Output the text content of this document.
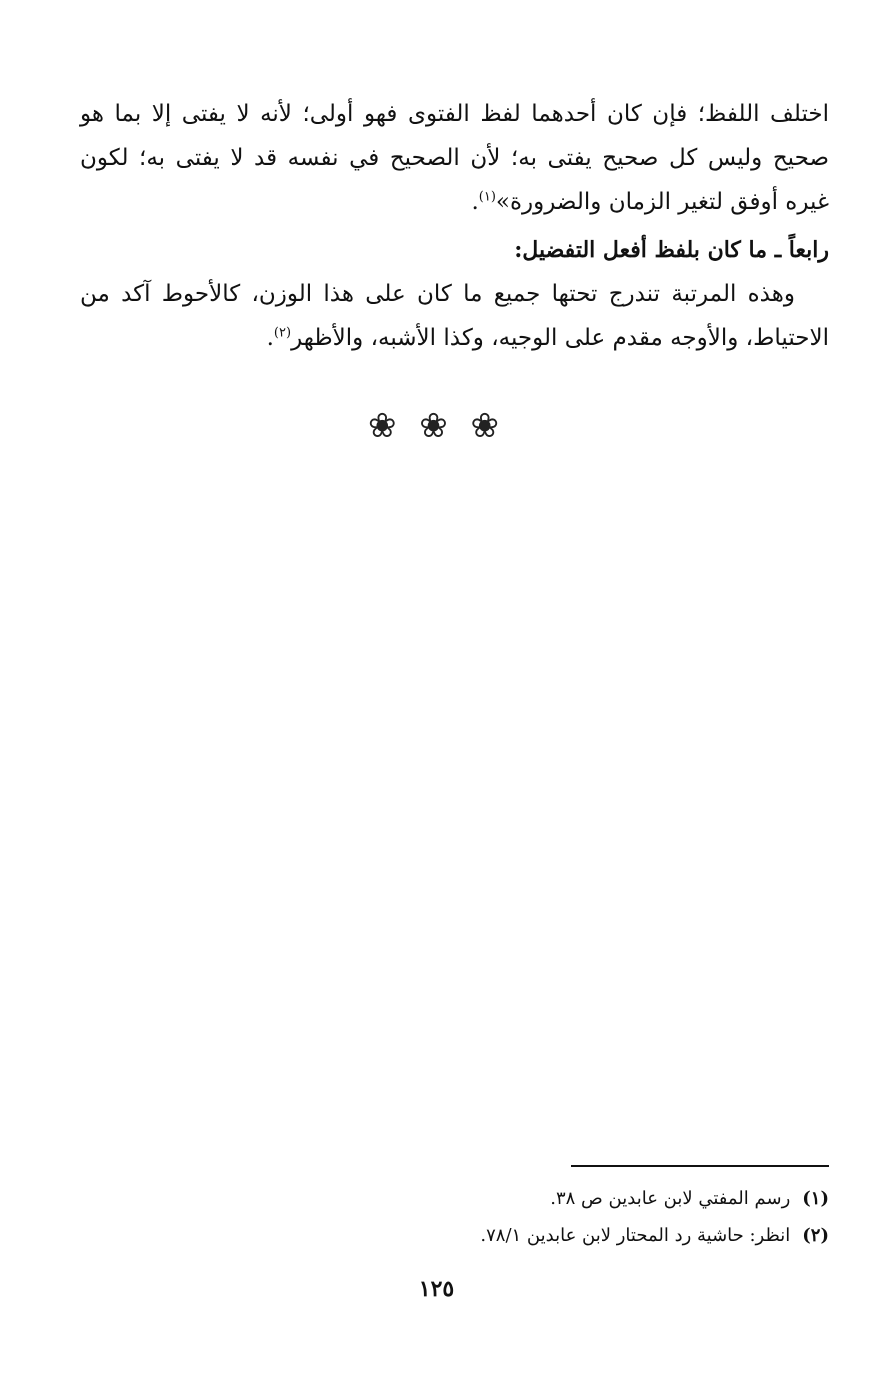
اختلف اللفظ؛ فإن كان أحدهما لفظ الفتوى فهو أولى؛ لأنه لا يفتى إلا بما هو صحيح وليس كل صحيح يفتى به؛ لأن الصحيح في نفسه قد لا يفتى به؛ لكون غيره أوفق لتغير الزمان والضرورة»$^{(١)}$.

رابعاً ـ ما كان بلفظ أفعل التفضيل:

وهذه المرتبة تندرج تحتها جميع ما كان على هذا الوزن، كالأحوط آكد من الاحتياط، والأوجه مقدم على الوجيه، وكذا الأشبه، والأظهر$^{(٢)}$.

❀ ❀ ❀

(١)رسم المفتي لابن عابدين ص ٣٨.

(٢)انظر: حاشية رد المحتار لابن عابدين ٧٨/١.

١٢٥
